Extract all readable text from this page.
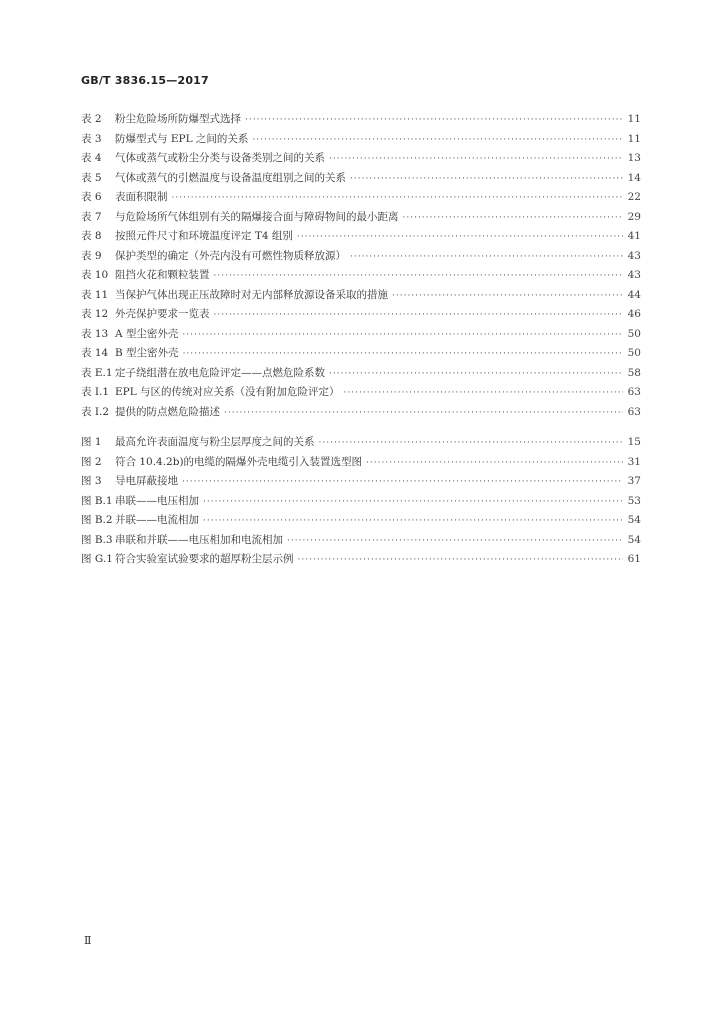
GB/T 3836.15—2017
表 2 粉尘危险场所防爆型式选择 ·····	11
表 3 防爆型式与 EPL 之间的关系 ·····	11
表 4 气体或蒸气或粉尘分类与设备类别之间的关系 ·····	13
表 5 气体或蒸气的引燃温度与设备温度组别之间的关系 ·····	14
表 6 表面积限制 ·····	22
表 7 与危险场所气体组别有关的隔爆接合面与障碍物间的最小距离 ·····	29
表 8 按照元件尺寸和环境温度评定 T4 组别 ·····	41
表 9 保护类型的确定（外壳内没有可燃性物质释放源） ·····	43
表 10 阻挡火花和颗粒装置 ·····	43
表 11 当保护气体出现正压故障时对无内部释放源设备采取的措施 ·····	44
表 12 外壳保护要求一览表 ·····	46
表 13 A 型尘密外壳 ·····	50
表 14 B 型尘密外壳 ·····	50
表 E.1 定子绕组潜在放电危险评定——点燃危险系数 ·····	58
表 I.1 EPL 与区的传统对应关系（没有附加危险评定） ·····	63
表 I.2 提供的防点燃危险描述 ·····	63
图 1 最高允许表面温度与粉尘层厚度之间的关系 ·····	15
图 2 符合 10.4.2b)的电缆的隔爆外壳电缆引入装置选型图 ·····	31
图 3 导电屏蔽接地 ·····	37
图 B.1 串联——电压相加 ·····	53
图 B.2 并联——电流相加 ·····	54
图 B.3 串联和并联——电压相加和电流相加 ·····	54
图 G.1 符合实验室试验要求的超厚粉尘层示例 ·····	61
Ⅱ
